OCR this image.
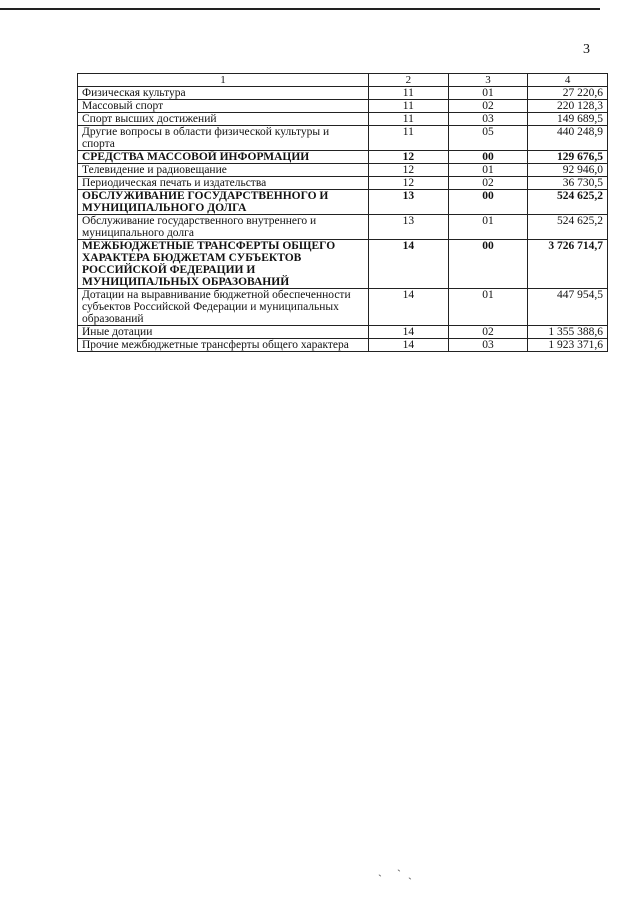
3
1	2	3	4
Физическая культура	11	01	27 220,6
Массовый спорт	11	02	220 128,3
Спорт высших достижений	11	03	149 689,5
Другие вопросы в области физической культуры и спорта	11	05	440 248,9
СРЕДСТВА МАССОВОЙ ИНФОРМАЦИИ	12	00	129 676,5
Телевидение и радиовещание	12	01	92 946,0
Периодическая печать и издательства	12	02	36 730,5
ОБСЛУЖИВАНИЕ ГОСУДАРСТВЕННОГО И МУНИЦИПАЛЬНОГО ДОЛГА	13	00	524 625,2
Обслуживание государственного внутреннего и муниципального долга	13	01	524 625,2
МЕЖБЮДЖЕТНЫЕ ТРАНСФЕРТЫ ОБЩЕГО ХАРАКТЕРА БЮДЖЕТАМ СУБЪЕКТОВ РОССИЙСКОЙ ФЕДЕРАЦИИ И МУНИЦИПАЛЬНЫХ ОБРАЗОВАНИЙ	14	00	3 726 714,7
Дотации на выравнивание бюджетной обеспеченности субъектов Российской Федерации и муниципальных образований	14	01	447 954,5
Иные дотации	14	02	1 355 388,6
Прочие межбюджетные трансферты общего характера	14	03	1 923 371,6
` `
`
